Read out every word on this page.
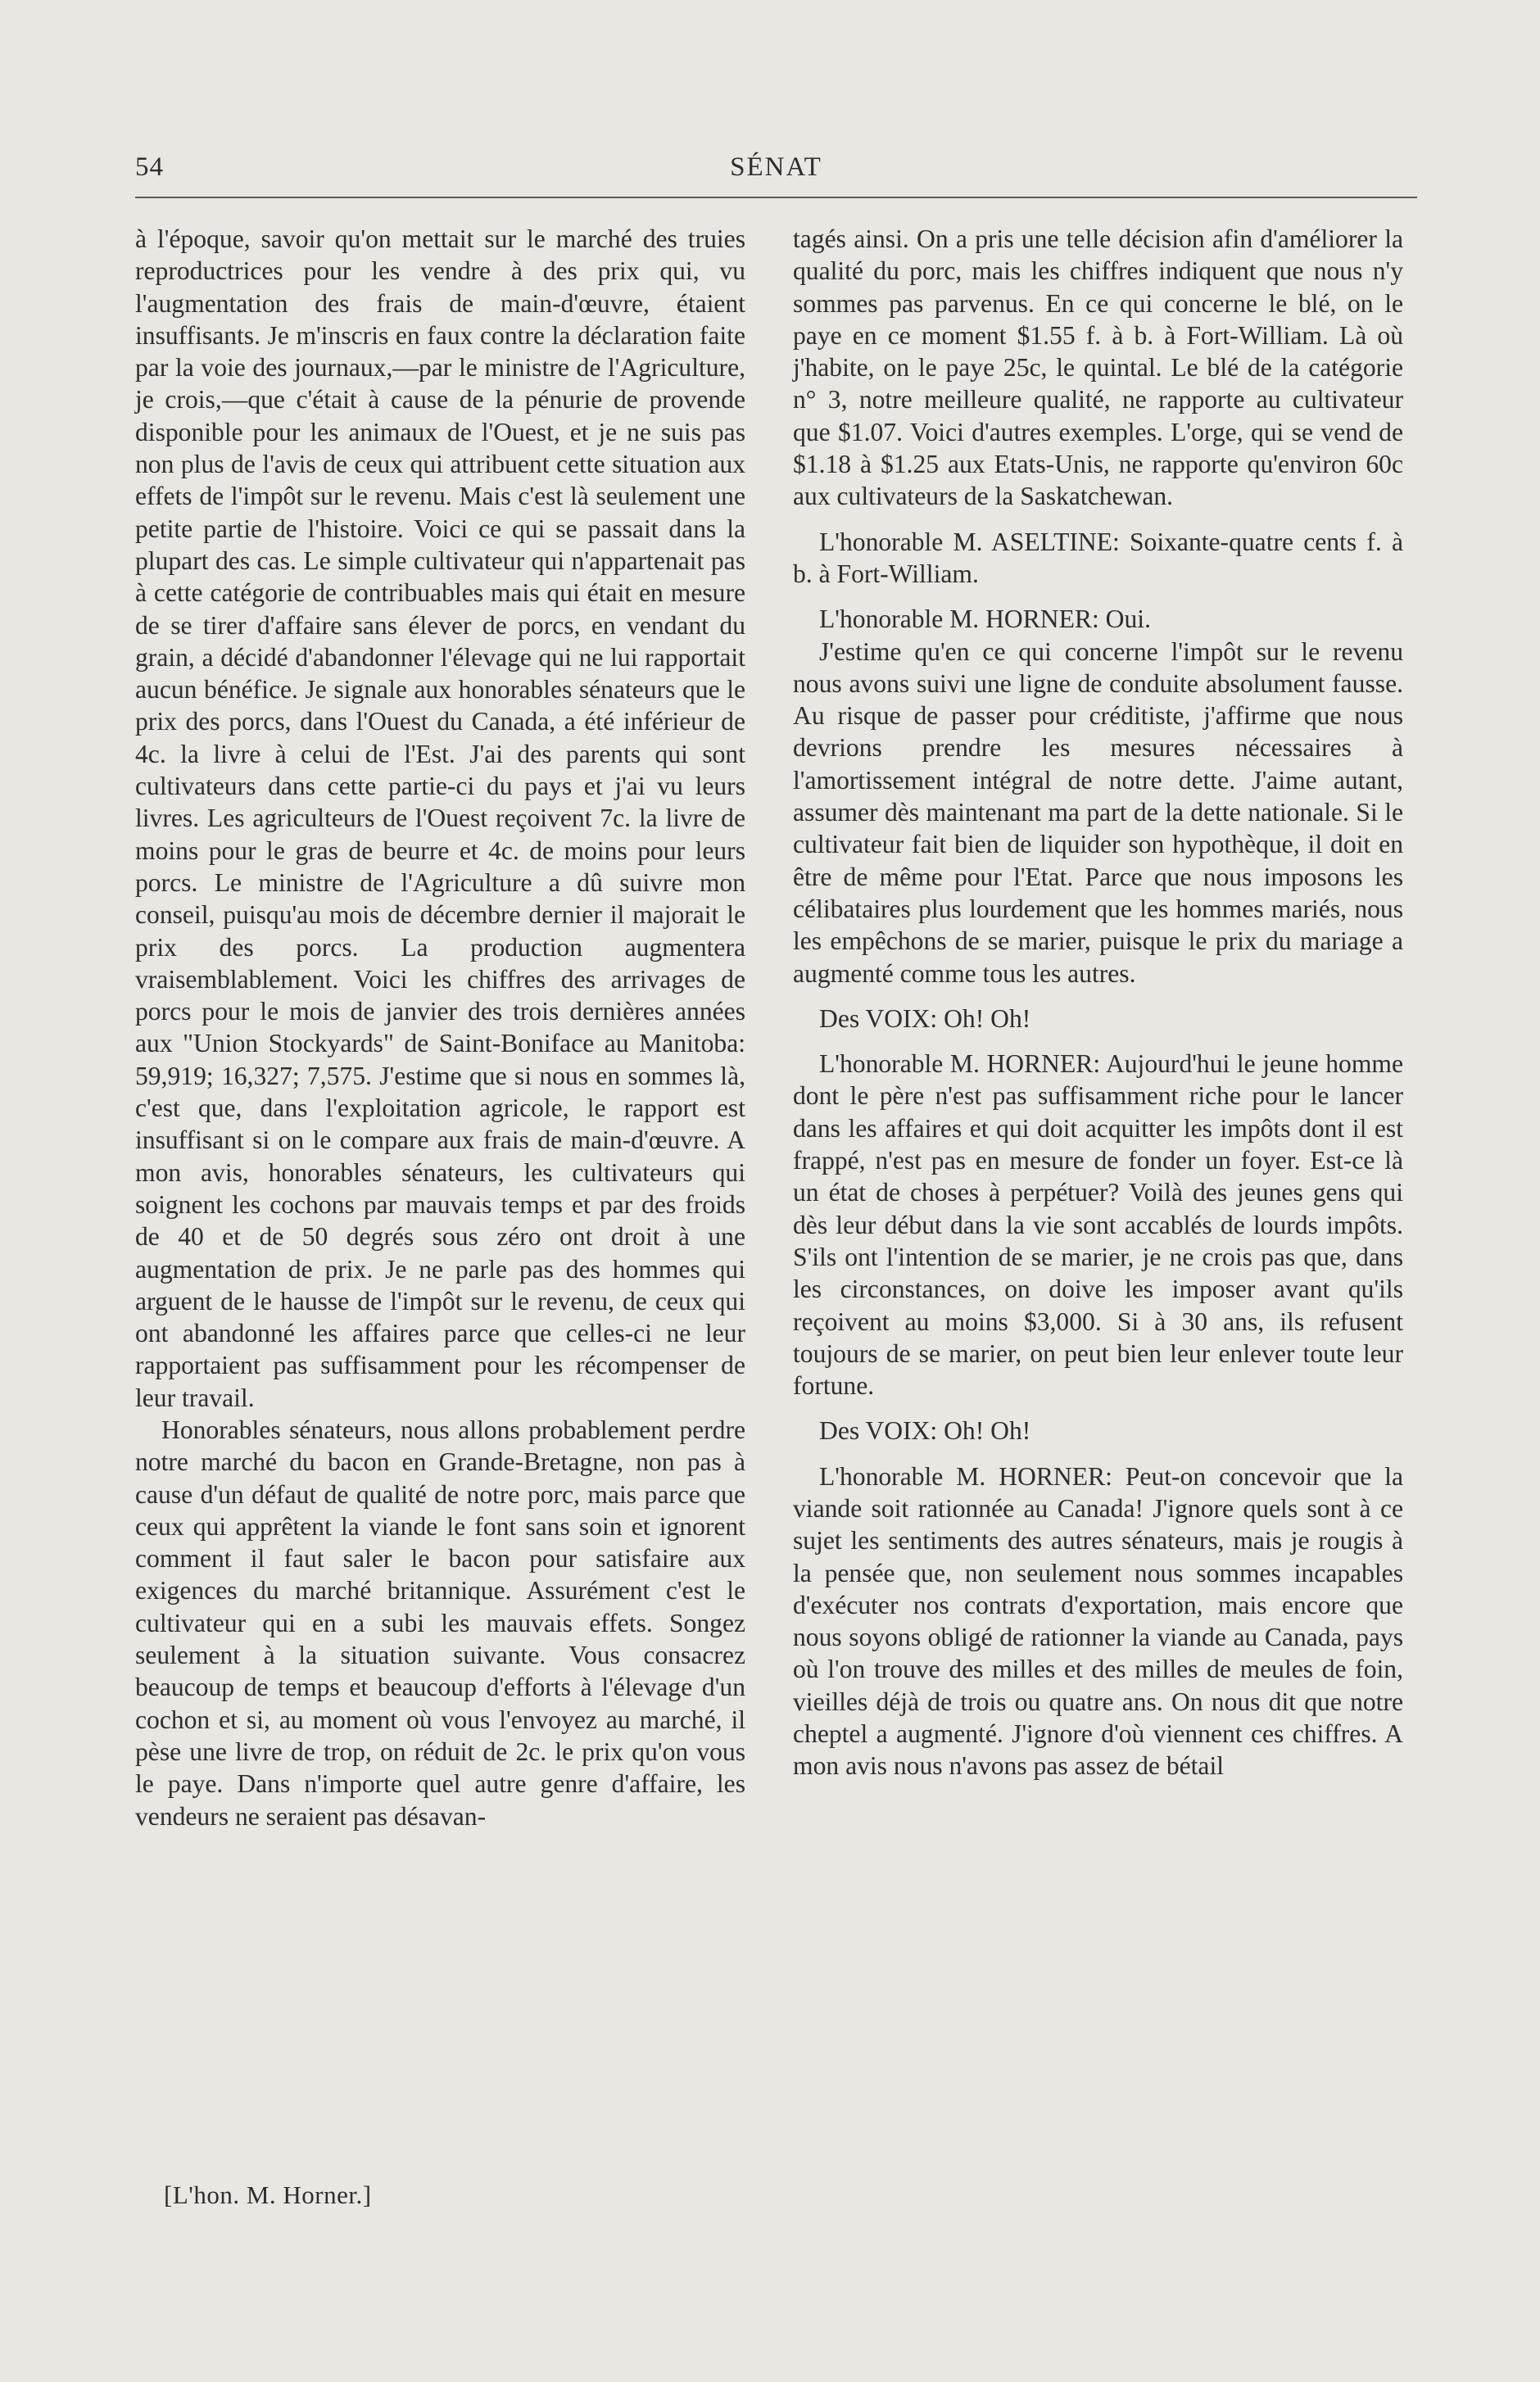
54	SÉNAT

à l'époque, savoir qu'on mettait sur le marché des truies reproductrices pour les vendre à des prix qui, vu l'augmentation des frais de main-d'œuvre, étaient insuffisants. Je m'inscris en faux contre la déclaration faite par la voie des journaux,—par le ministre de l'Agriculture, je crois,—que c'était à cause de la pénurie de provende disponible pour les animaux de l'Ouest, et je ne suis pas non plus de l'avis de ceux qui attribuent cette situation aux effets de l'impôt sur le revenu. Mais c'est là seulement une petite partie de l'histoire. Voici ce qui se passait dans la plupart des cas. Le simple cultivateur qui n'appartenait pas à cette catégorie de contribuables mais qui était en mesure de se tirer d'affaire sans élever de porcs, en vendant du grain, a décidé d'abandonner l'élevage qui ne lui rapportait aucun bénéfice. Je signale aux honorables sénateurs que le prix des porcs, dans l'Ouest du Canada, a été inférieur de 4c. la livre à celui de l'Est. J'ai des parents qui sont cultivateurs dans cette partie-ci du pays et j'ai vu leurs livres. Les agriculteurs de l'Ouest reçoivent 7c. la livre de moins pour le gras de beurre et 4c. de moins pour leurs porcs. Le ministre de l'Agriculture a dû suivre mon conseil, puisqu'au mois de décembre dernier il majorait le prix des porcs. La production augmentera vraisemblablement. Voici les chiffres des arrivages de porcs pour le mois de janvier des trois dernières années aux "Union Stockyards" de Saint-Boniface au Manitoba: 59,919; 16,327; 7,575. J'estime que si nous en sommes là, c'est que, dans l'exploitation agricole, le rapport est insuffisant si on le compare aux frais de main-d'œuvre. A mon avis, honorables sénateurs, les cultivateurs qui soignent les cochons par mauvais temps et par des froids de 40 et de 50 degrés sous zéro ont droit à une augmentation de prix. Je ne parle pas des hommes qui arguent de le hausse de l'impôt sur le revenu, de ceux qui ont abandonné les affaires parce que celles-ci ne leur rapportaient pas suffisamment pour les récompenser de leur travail.

Honorables sénateurs, nous allons probablement perdre notre marché du bacon en Grande-Bretagne, non pas à cause d'un défaut de qualité de notre porc, mais parce que ceux qui apprêtent la viande le font sans soin et ignorent comment il faut saler le bacon pour satisfaire aux exigences du marché britannique. Assurément c'est le cultivateur qui en a subi les mauvais effets. Songez seulement à la situation suivante. Vous consacrez beaucoup de temps et beaucoup d'efforts à l'élevage d'un cochon et si, au moment où vous l'envoyez au marché, il pèse une livre de trop, on réduit de 2c. le prix qu'on vous le paye. Dans n'importe quel autre genre d'affaire, les vendeurs ne seraient pas désavan-

[L'hon. M. Horner.]

tagés ainsi. On a pris une telle décision afin d'améliorer la qualité du porc, mais les chiffres indiquent que nous n'y sommes pas parvenus. En ce qui concerne le blé, on le paye en ce moment $1.55 f. à b. à Fort-William. Là où j'habite, on le paye 25c, le quintal. Le blé de la catégorie n° 3, notre meilleure qualité, ne rapporte au cultivateur que $1.07. Voici d'autres exemples. L'orge, qui se vend de $1.18 à $1.25 aux Etats-Unis, ne rapporte qu'environ 60c aux cultivateurs de la Saskatchewan.

L'honorable M. ASELTINE: Soixante-quatre cents f. à b. à Fort-William.

L'honorable M. HORNER: Oui.

J'estime qu'en ce qui concerne l'impôt sur le revenu nous avons suivi une ligne de conduite absolument fausse. Au risque de passer pour créditiste, j'affirme que nous devrions prendre les mesures nécessaires à l'amortissement intégral de notre dette. J'aime autant, assumer dès maintenant ma part de la dette nationale. Si le cultivateur fait bien de liquider son hypothèque, il doit en être de même pour l'Etat. Parce que nous imposons les célibataires plus lourdement que les hommes mariés, nous les empêchons de se marier, puisque le prix du mariage a augmenté comme tous les autres.

Des VOIX: Oh! Oh!

L'honorable M. HORNER: Aujourd'hui le jeune homme dont le père n'est pas suffisamment riche pour le lancer dans les affaires et qui doit acquitter les impôts dont il est frappé, n'est pas en mesure de fonder un foyer. Est-ce là un état de choses à perpétuer? Voilà des jeunes gens qui dès leur début dans la vie sont accablés de lourds impôts. S'ils ont l'intention de se marier, je ne crois pas que, dans les circonstances, on doive les imposer avant qu'ils reçoivent au moins $3,000. Si à 30 ans, ils refusent toujours de se marier, on peut bien leur enlever toute leur fortune.

Des VOIX: Oh! Oh!

L'honorable M. HORNER: Peut-on concevoir que la viande soit rationnée au Canada! J'ignore quels sont à ce sujet les sentiments des autres sénateurs, mais je rougis à la pensée que, non seulement nous sommes incapables d'exécuter nos contrats d'exportation, mais encore que nous soyons obligé de rationner la viande au Canada, pays où l'on trouve des milles et des milles de meules de foin, vieilles déjà de trois ou quatre ans. On nous dit que notre cheptel a augmenté. J'ignore d'où viennent ces chiffres. A mon avis nous n'avons pas assez de bétail
